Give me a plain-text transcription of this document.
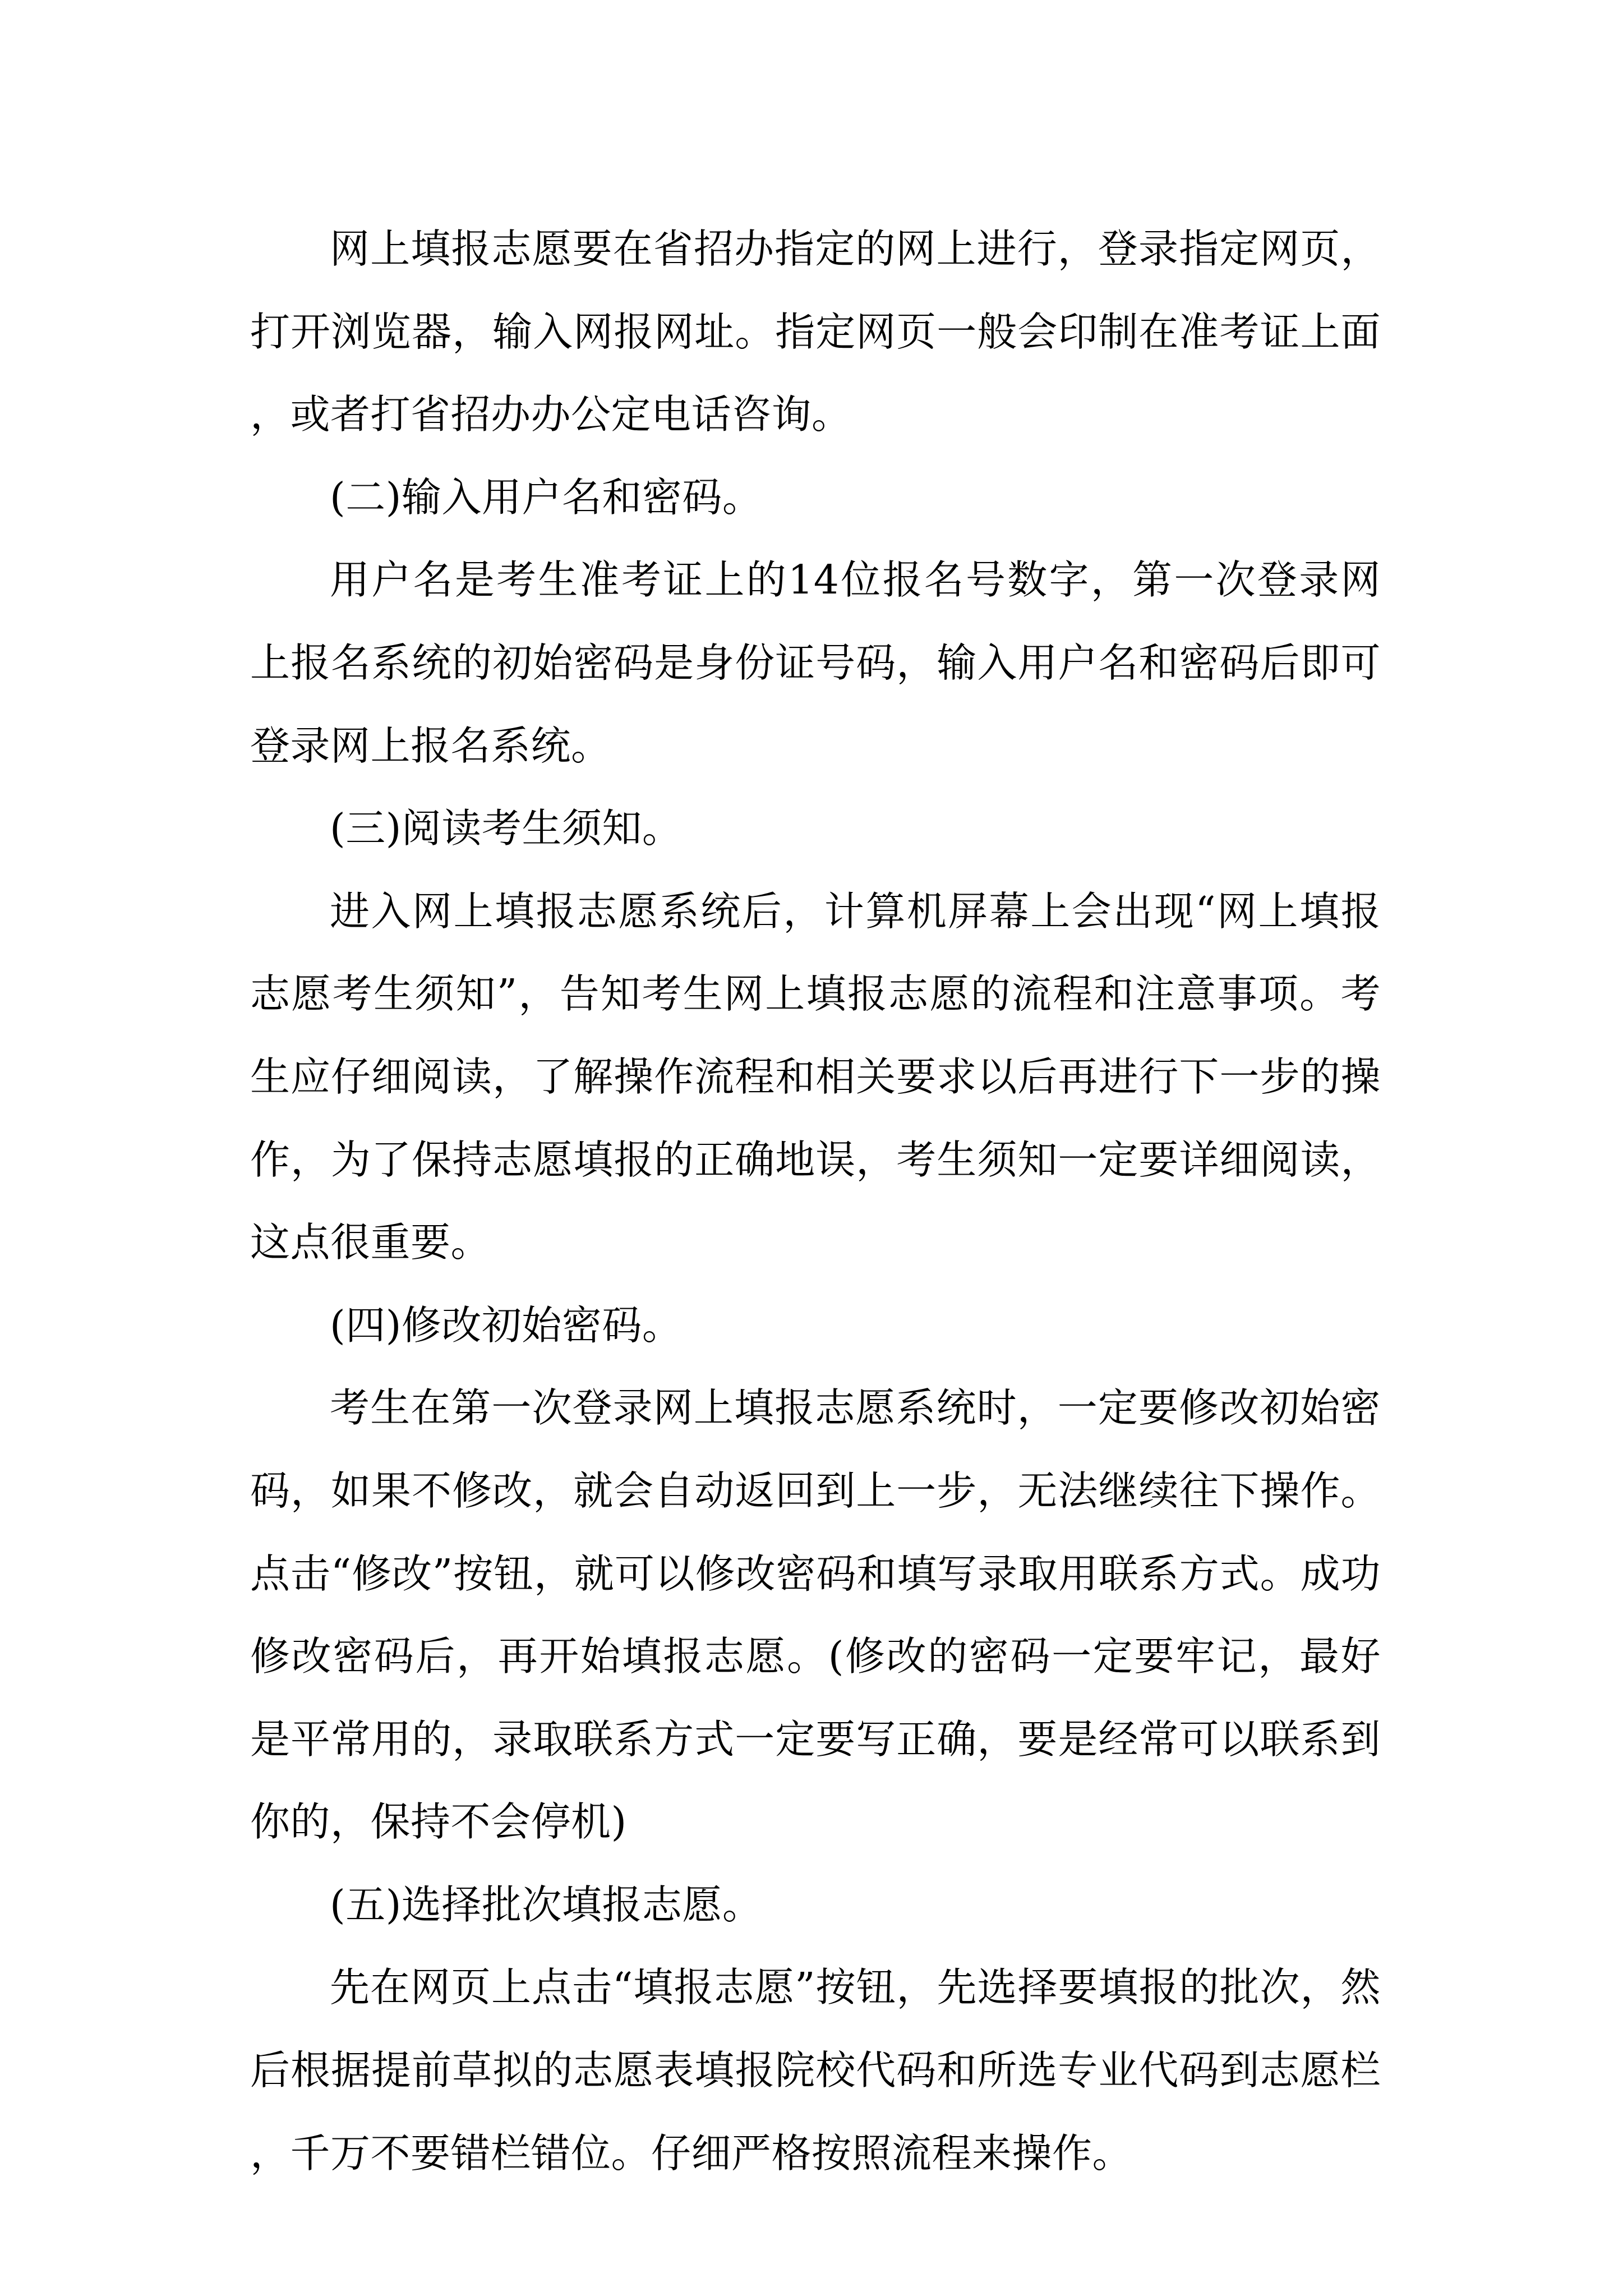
网上填报志愿要在省招办指定的网上进行，登录指定网页，打开浏览器，输入网报网址。指定网页一般会印制在准考证上面，或者打省招办办公定电话咨询。

(二)输入用户名和密码。

用户名是考生准考证上的14位报名号数字，第一次登录网上报名系统的初始密码是身份证号码，输入用户名和密码后即可登录网上报名系统。

(三)阅读考生须知。

进入网上填报志愿系统后，计算机屏幕上会出现“网上填报志愿考生须知”，告知考生网上填报志愿的流程和注意事项。考生应仔细阅读，了解操作流程和相关要求以后再进行下一步的操作，为了保持志愿填报的正确地误，考生须知一定要详细阅读，这点很重要。

(四)修改初始密码。

考生在第一次登录网上填报志愿系统时，一定要修改初始密码，如果不修改，就会自动返回到上一步，无法继续往下操作。点击“修改”按钮，就可以修改密码和填写录取用联系方式。成功修改密码后，再开始填报志愿。(修改的密码一定要牢记，最好是平常用的，录取联系方式一定要写正确，要是经常可以联系到你的，保持不会停机)

(五)选择批次填报志愿。

先在网页上点击“填报志愿”按钮，先选择要填报的批次，然后根据提前草拟的志愿表填报院校代码和所选专业代码到志愿栏，千万不要错栏错位。仔细严格按照流程来操作。
